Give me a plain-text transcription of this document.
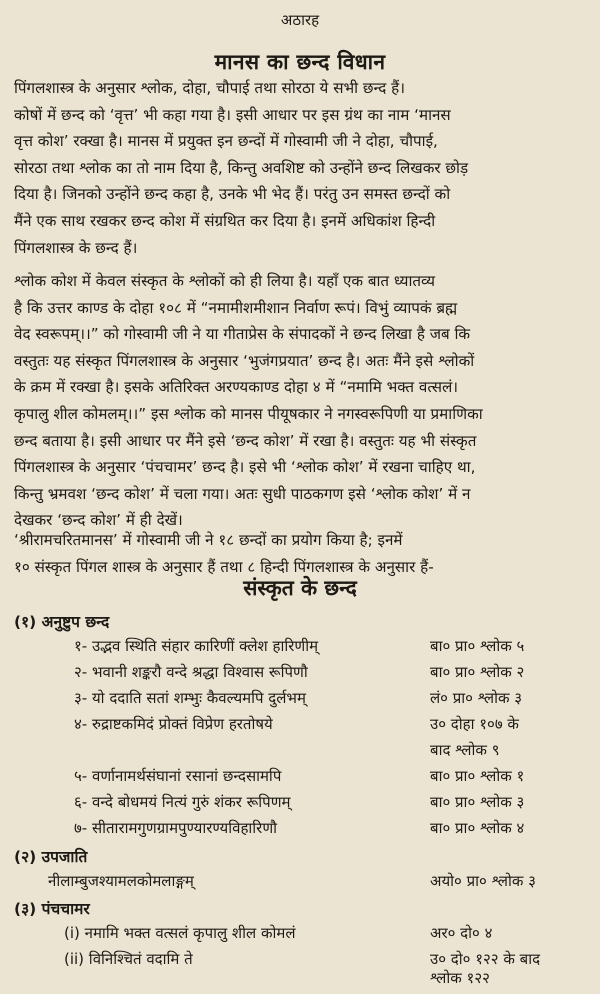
अठारह
मानस का छन्द विधान
पिंगलशास्त्र के अनुसार श्लोक, दोहा, चौपाई तथा सोरठा ये सभी छन्द हैं।
कोषों में छन्द को ‘वृत्त’ भी कहा गया है। इसी आधार पर इस ग्रंथ का नाम ‘मानस
वृत्त कोश’ रक्खा है। मानस में प्रयुक्त इन छन्दों में गोस्वामी जी ने दोहा, चौपाई,
सोरठा तथा श्लोक का तो नाम दिया है, किन्तु अवशिष्ट को उन्होंने छन्द लिखकर छोड़
दिया है। जिनको उन्होंने छन्द कहा है, उनके भी भेद हैं। परंतु उन समस्त छन्दों को
मैंने एक साथ रखकर छन्द कोश में संग्रथित कर दिया है। इनमें अधिकांश हिन्दी
पिंगलशास्त्र के छन्द हैं।
श्लोक कोश में केवल संस्कृत के श्लोकों को ही लिया है। यहाँ एक बात ध्यातव्य
है कि उत्तर काण्ड के दोहा १०८ में “नमामीशमीशान निर्वाण रूपं। विभुं व्यापकं ब्रह्म
वेद स्वरूपम्।।” को गोस्वामी जी ने या गीताप्रेस के संपादकों ने छन्द लिखा है जब कि
वस्तुतः यह संस्कृत पिंगलशास्त्र के अनुसार ‘भुजंगप्रयात’ छन्द है। अतः मैंने इसे श्लोकों
के क्रम में रक्खा है। इसके अतिरिक्त अरण्यकाण्ड दोहा ४ में “नमामि भक्त वत्सलं।
कृपालु शील कोमलम्।।” इस श्लोक को मानस पीयूषकार ने नगस्वरूपिणी या प्रमाणिका
छन्द बताया है। इसी आधार पर मैंने इसे ‘छन्द कोश’ में रखा है। वस्तुतः यह भी संस्कृत
पिंगलशास्त्र के अनुसार ‘पंचचामर’ छन्द है। इसे भी ‘श्लोक कोश’ में रखना चाहिए था,
किन्तु भ्रमवश ‘छन्द कोश’ में चला गया। अतः सुधी पाठकगण इसे ‘श्लोक कोश’ में न
देखकर ‘छन्द कोश’ में ही देखें।
‘श्रीरामचरितमानस’ में गोस्वामी जी ने १८ छन्दों का प्रयोग किया है; इनमें
१० संस्कृत पिंगल शास्त्र के अनुसार हैं तथा ८ हिन्दी पिंगलशास्त्र के अनुसार हैं-
संस्कृत के छन्द
(१) अनुष्टुप छन्द
१- उद्भव स्थिति संहार कारिणीं क्लेश हारिणीम्	बा० प्रा० श्लोक ५
२- भवानी शङ्करौ वन्दे श्रद्धा विश्वास रूपिणौ	बा० प्रा० श्लोक २
३- यो ददाति सतां शम्भुः कैवल्यमपि दुर्लभम्	लं० प्रा० श्लोक ३
४- रुद्राष्टकमिदं प्रोक्तं विप्रेण हरतोषये	उ० दोहा १०७ के
बाद श्लोक ९
५- वर्णानामर्थसंघानां रसानां छन्दसामपि	बा० प्रा० श्लोक १
६- वन्दे बोधमयं नित्यं गुरुं शंकर रूपिणम्	बा० प्रा० श्लोक ३
७- सीतारामगुणग्रामपुण्यारण्यविहारिणौ	बा० प्रा० श्लोक ४
(२) उपजाति
नीलाम्बुजश्यामलकोमलाङ्गम्	अयो० प्रा० श्लोक ३
(३) पंचचामर
(i) नमामि भक्त वत्सलं कृपालु शील कोमलं	अर० दो० ४
(ii) विनिश्चितं वदामि ते	उ० दो० १२२ के बाद
श्लोक १२२
